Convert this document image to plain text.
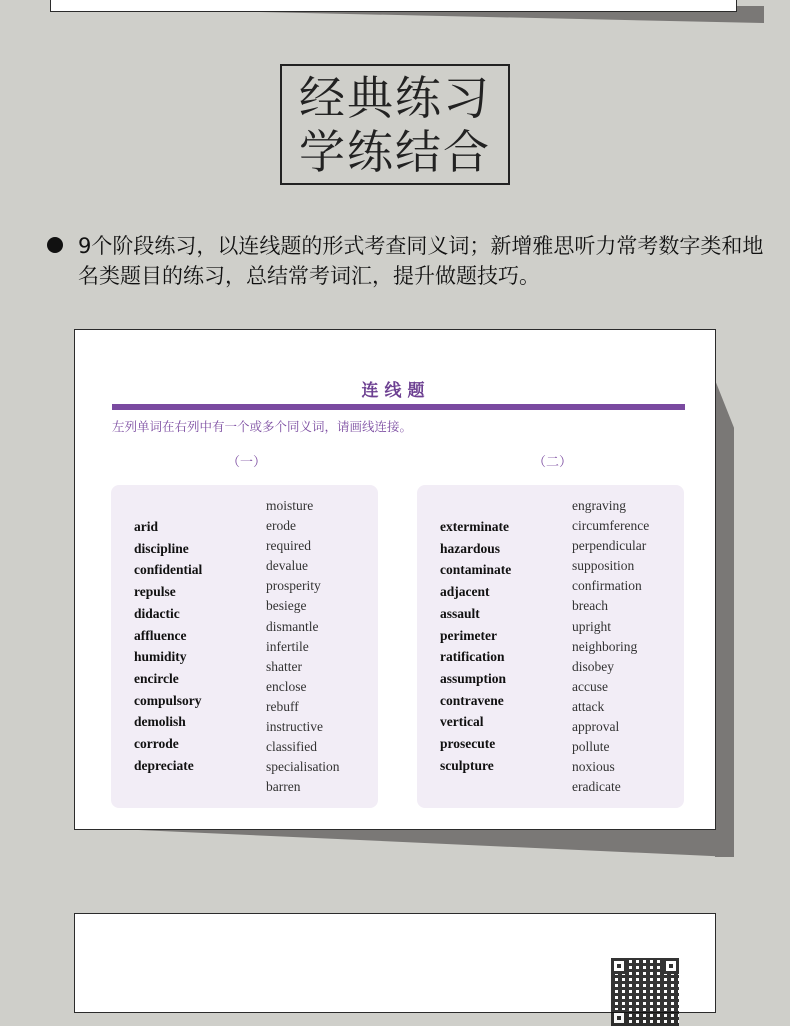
经典练习
学练结合
9个阶段练习，以连线题的形式考查同义词；新增雅思听力常考数字类和地名类题目的练习，总结常考词汇，提升做题技巧。
连线题
左列单词在右列中有一个或多个同义词，请画线连接。
（一）	（二）
arid
discipline
confidential
repulse
didactic
affluence
humidity
encircle
compulsory
demolish
corrode
depreciate
moisture
erode
required
devalue
prosperity
besiege
dismantle
infertile
shatter
enclose
rebuff
instructive
classified
specialisation
barren
exterminate
hazardous
contaminate
adjacent
assault
perimeter
ratification
assumption
contravene
vertical
prosecute
sculpture
engraving
circumference
perpendicular
supposition
confirmation
breach
upright
neighboring
disobey
accuse
attack
approval
pollute
noxious
eradicate
